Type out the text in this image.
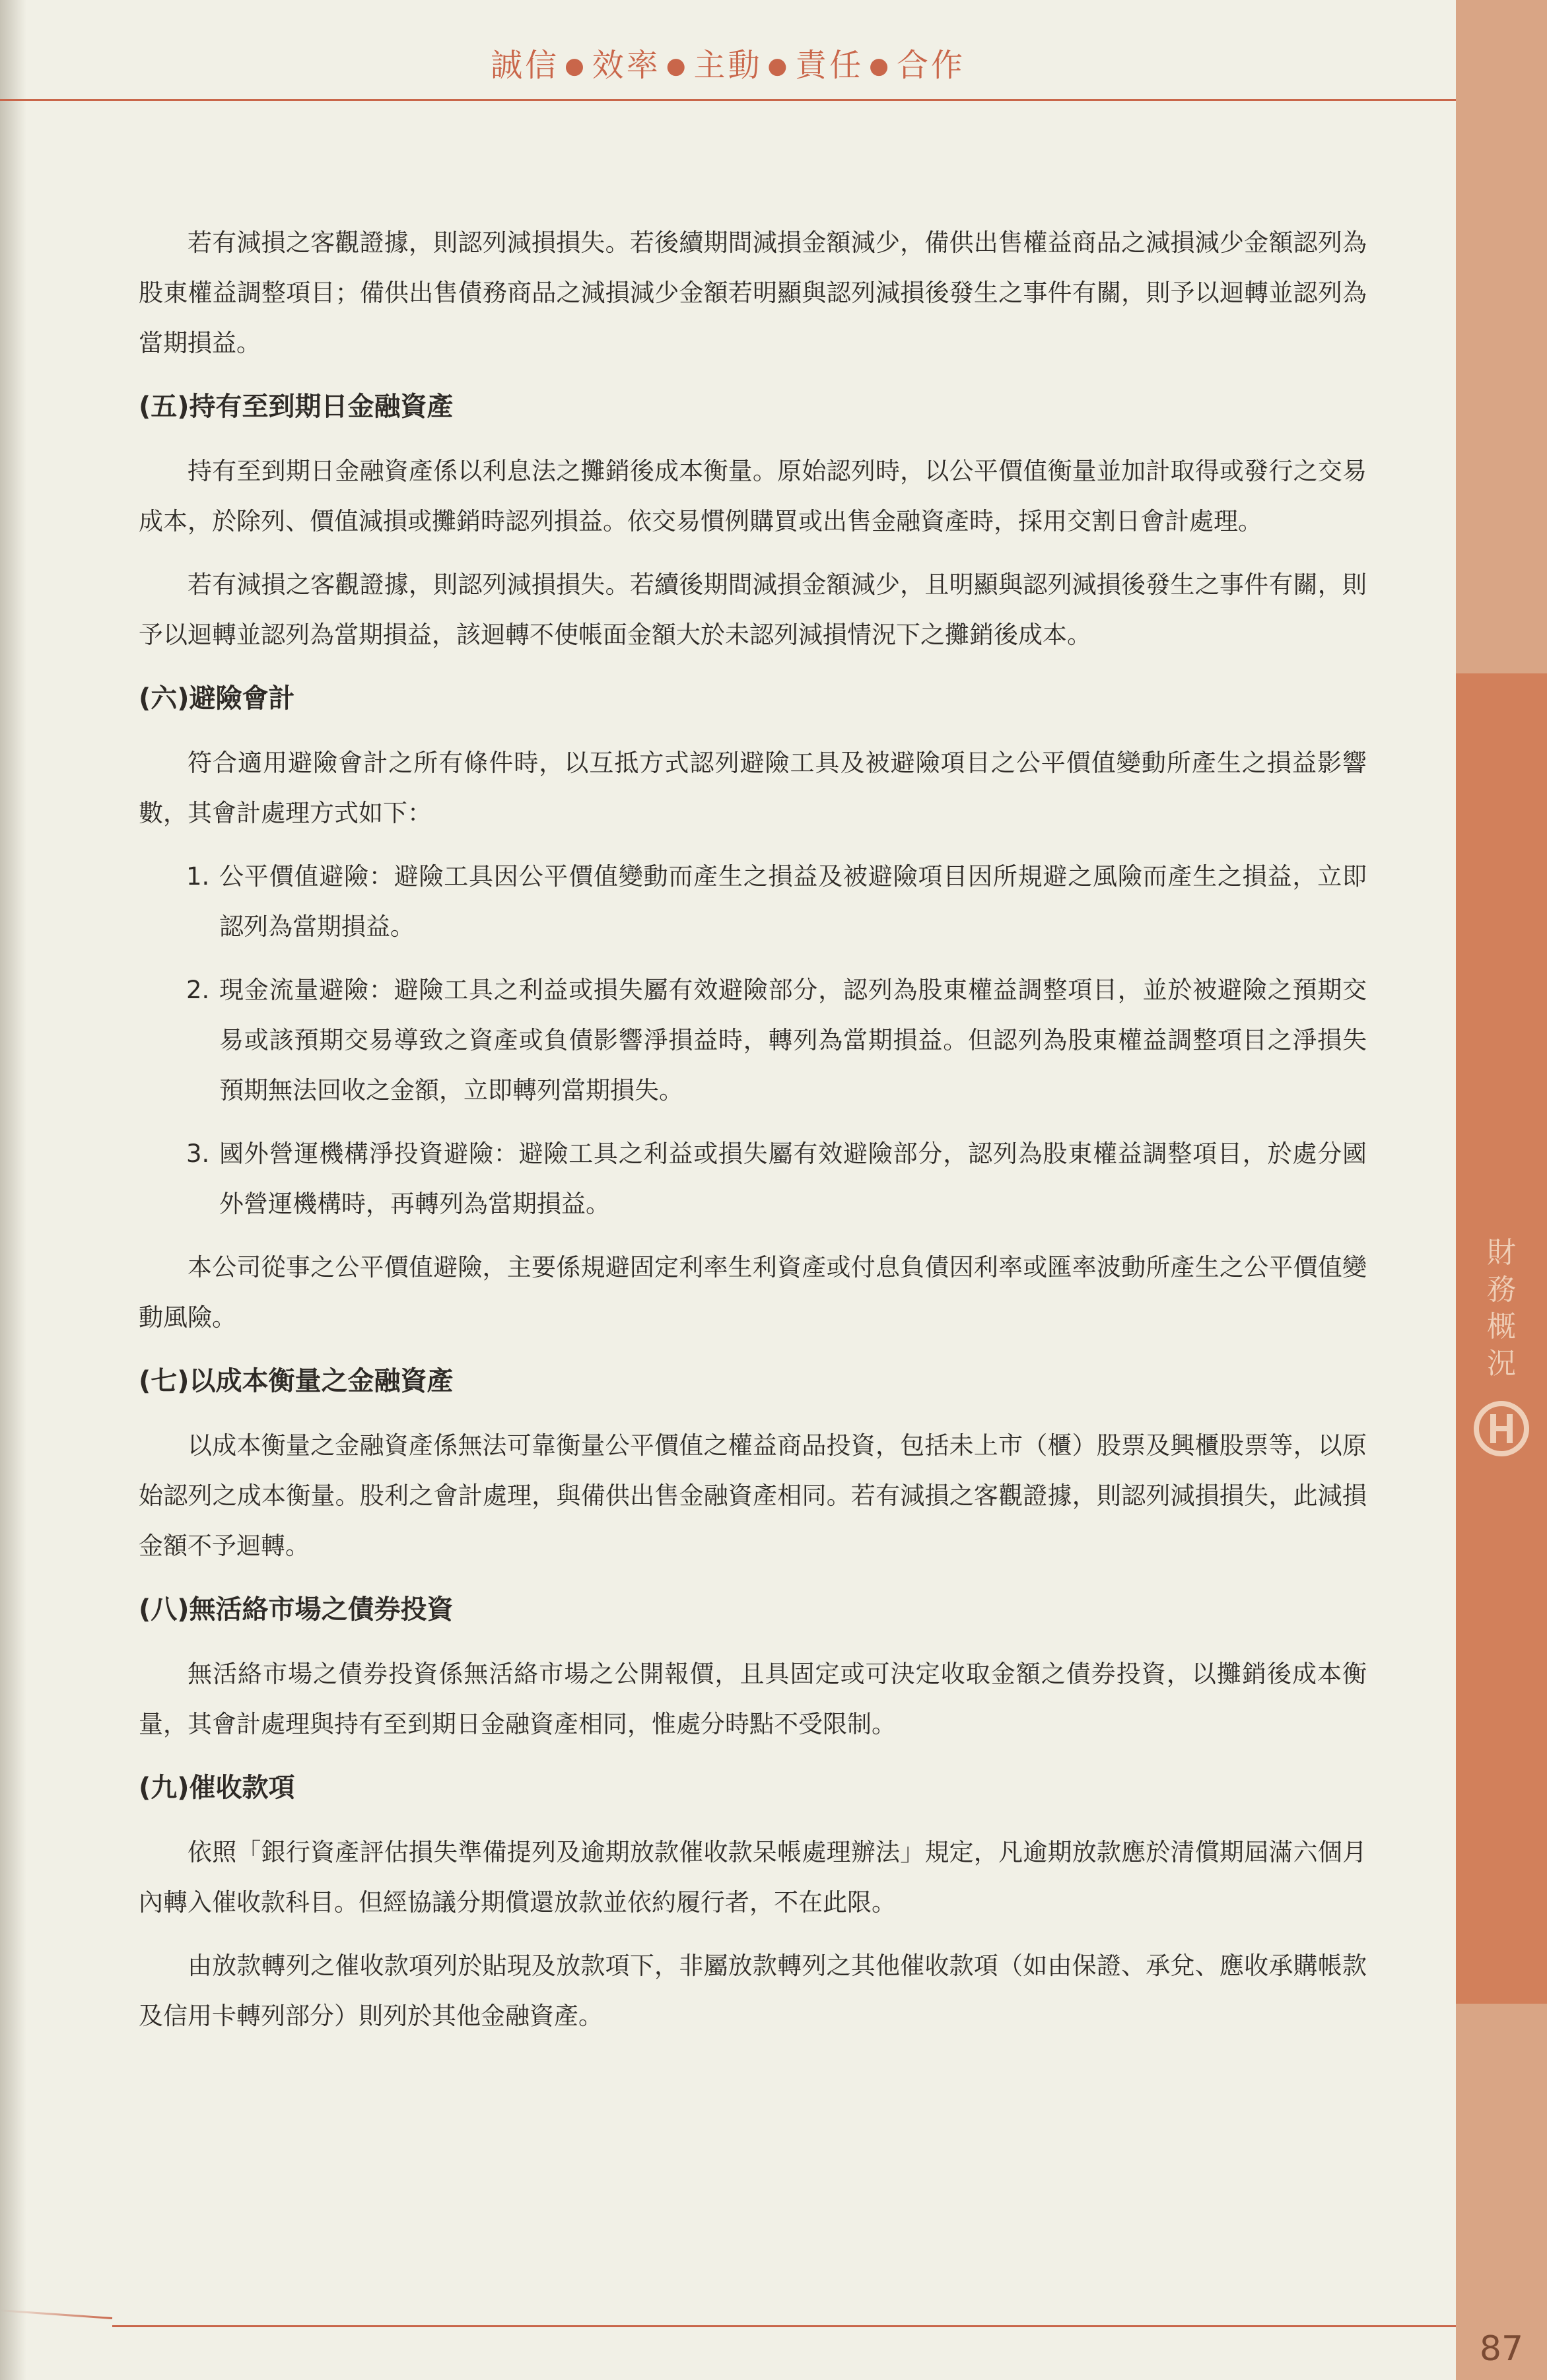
誠信 ● 效率 ● 主動 ● 責任 ● 合作
財
務
概
況

若有減損之客觀證據，則認列減損損失。若後續期間減損金額減少，備供出售權益商品之減損減少金額認列為股東權益調整項目；備供出售債務商品之減損減少金額若明顯與認列減損後發生之事件有關，則予以迴轉並認列為當期損益。

(五)持有至到期日金融資產

持有至到期日金融資產係以利息法之攤銷後成本衡量。原始認列時，以公平價值衡量並加計取得或發行之交易成本，於除列、價值減損或攤銷時認列損益。依交易慣例購買或出售金融資產時，採用交割日會計處理。

若有減損之客觀證據，則認列減損損失。若續後期間減損金額減少，且明顯與認列減損後發生之事件有關，則予以迴轉並認列為當期損益，該迴轉不使帳面金額大於未認列減損情況下之攤銷後成本。

(六)避險會計

符合適用避險會計之所有條件時，以互抵方式認列避險工具及被避險項目之公平價值變動所產生之損益影響數，其會計處理方式如下：

1. 公平價值避險：避險工具因公平價值變動而產生之損益及被避險項目因所規避之風險而產生之損益，立即認列為當期損益。
2. 現金流量避險：避險工具之利益或損失屬有效避險部分，認列為股東權益調整項目，並於被避險之預期交易或該預期交易導致之資產或負債影響淨損益時，轉列為當期損益。但認列為股東權益調整項目之淨損失預期無法回收之金額，立即轉列當期損失。
3. 國外營運機構淨投資避險：避險工具之利益或損失屬有效避險部分，認列為股東權益調整項目，於處分國外營運機構時，再轉列為當期損益。

本公司從事之公平價值避險，主要係規避固定利率生利資產或付息負債因利率或匯率波動所產生之公平價值變動風險。

(七)以成本衡量之金融資產

以成本衡量之金融資產係無法可靠衡量公平價值之權益商品投資，包括未上市（櫃）股票及興櫃股票等，以原始認列之成本衡量。股利之會計處理，與備供出售金融資產相同。若有減損之客觀證據，則認列減損損失，此減損金額不予迴轉。

(八)無活絡市場之債券投資

無活絡市場之債券投資係無活絡市場之公開報價，且具固定或可決定收取金額之債券投資，以攤銷後成本衡量，其會計處理與持有至到期日金融資產相同，惟處分時點不受限制。

(九)催收款項

依照「銀行資產評估損失準備提列及逾期放款催收款呆帳處理辦法」規定，凡逾期放款應於清償期屆滿六個月內轉入催收款科目。但經協議分期償還放款並依約履行者，不在此限。

由放款轉列之催收款項列於貼現及放款項下，非屬放款轉列之其他催收款項（如由保證、承兌、應收承購帳款及信用卡轉列部分）則列於其他金融資產。

87
